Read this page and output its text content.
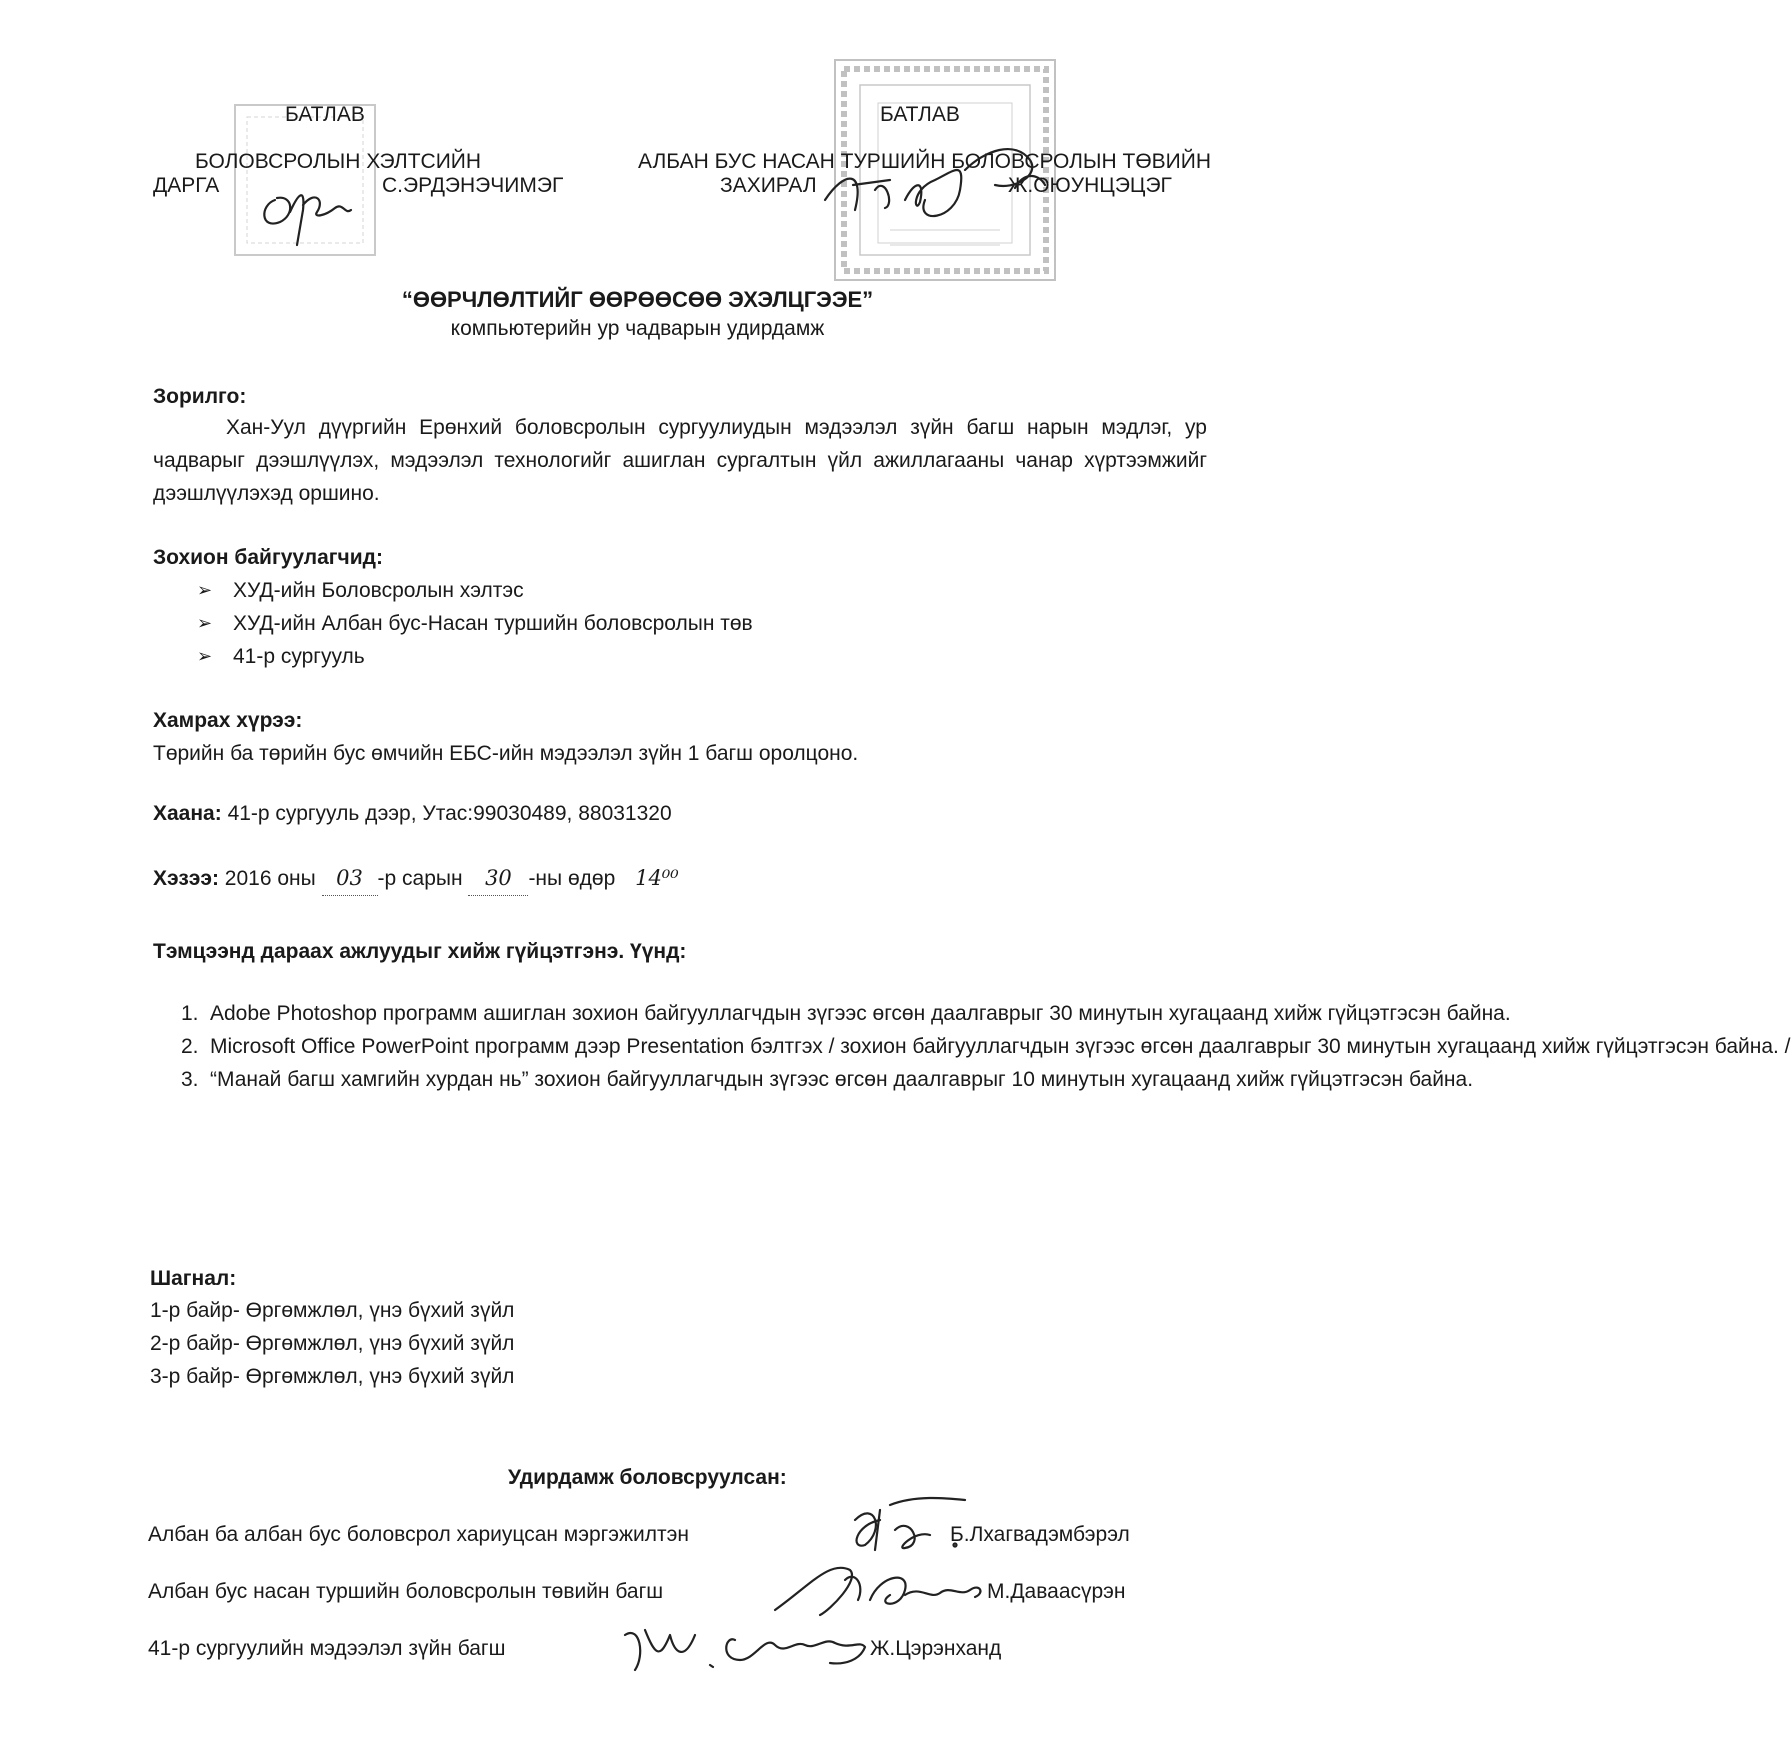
БАТЛАВ
БОЛОВСРОЛЫН ХЭЛТСИЙН
ДАРГА	С.ЭРДЭНЭЧИМЭГ
БАТЛАВ
АЛБАН БУС НАСАН ТУРШИЙН БОЛОВСРОЛЫН ТӨВИЙН
ЗАХИРАЛ	Ж.ОЮУНЦЭЦЭГ
“ӨӨРЧЛӨЛТИЙГ ӨӨРӨӨСӨӨ ЭХЭЛЦГЭЭЕ”
компьютерийн ур чадварын удирдамж
Зорилго:
Хан-Уул дүүргийн Ерөнхий боловсролын сургуулиудын мэдээлэл зүйн багш нарын мэдлэг, ур чадварыг дээшлүүлэх, мэдээлэл технологийг ашиглан сургалтын үйл ажиллагааны чанар хүртээмжийг дээшлүүлэхэд оршино.
Зохион байгуулагчид:
➢ ХУД-ийн Боловсролын хэлтэс
➢ ХУД-ийн Албан бус-Насан туршийн боловсролын төв
➢ 41-р сургууль
Хамрах хүрээ:
Төрийн ба төрийн бус өмчийн ЕБС-ийн мэдээлэл зүйн 1 багш оролцоно.
Хаана: 41-р сургууль дээр, Утас:99030489, 88031320
Хэзээ: 2016 оны 03 -р сарын 30 -ны өдөр 14⁰⁰
Тэмцээнд дараах ажлуудыг хийж гүйцэтгэнэ. Үүнд:
1. Adobe Photoshop программ ашиглан зохион байгууллагчдын зүгээс өгсөн даалгаврыг 30 минутын хугацаанд хийж гүйцэтгэсэн байна.
2. Microsoft Office PowerPoint программ дээр Presentation бэлтгэх / зохион байгууллагчдын зүгээс өгсөн даалгаврыг 30 минутын хугацаанд хийж гүйцэтгэсэн байна. /
3. “Манай багш хамгийн хурдан нь” зохион байгууллагчдын зүгээс өгсөн даалгаврыг 10 минутын хугацаанд хийж гүйцэтгэсэн байна.
Шагнал:
1-р байр- Өргөмжлөл, үнэ бүхий зүйл
2-р байр- Өргөмжлөл, үнэ бүхий зүйл
3-р байр- Өргөмжлөл, үнэ бүхий зүйл
Удирдамж боловсруулсан:
Албан ба албан бус боловсрол хариуцсан мэргэжилтэн	Б.Лхагвадэмбэрэл
Албан бус насан туршийн боловсролын төвийн багш	М.Даваасүрэн
41-р сургуулийн мэдээлэл зүйн багш	Ж.Цэрэнханд
